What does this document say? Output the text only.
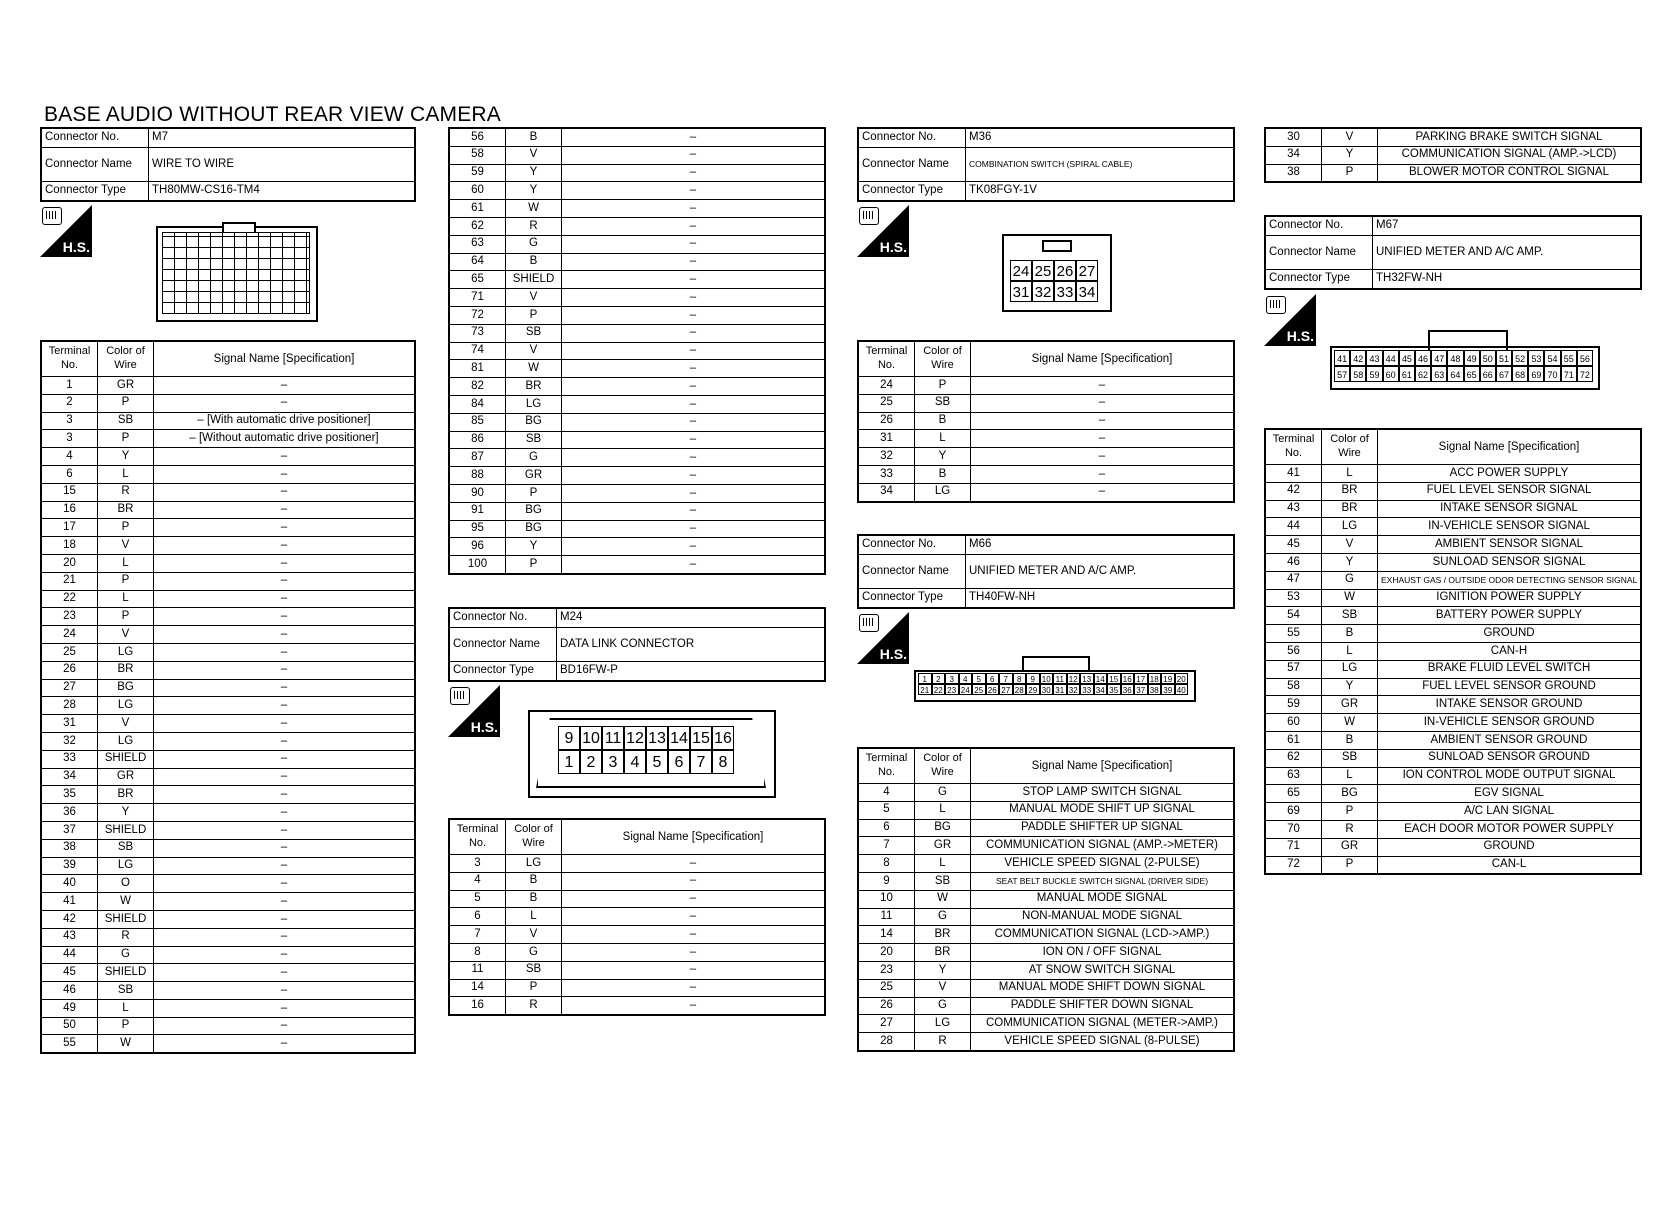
BASE AUDIO WITHOUT REAR VIEW CAMERA
Connector No.	M7
Connector Name	WIRE TO WIRE
Connector Type	TH80MW-CS16-TM4
H.S.
Terminal No.	Color of Wire	Signal Name [Specification]
1	GR	–
2	P	–
3	SB	– [With automatic drive positioner]
3	P	– [Without automatic drive positioner]
4	Y	–
6	L	–
15	R	–
16	BR	–
17	P	–
18	V	–
20	L	–
21	P	–
22	L	–
23	P	–
24	V	–
25	LG	–
26	BR	–
27	BG	–
28	LG	–
31	V	–
32	LG	–
33	SHIELD	–
34	GR	–
35	BR	–
36	Y	–
37	SHIELD	–
38	SB	–
39	LG	–
40	O	–
41	W	–
42	SHIELD	–
43	R	–
44	G	–
45	SHIELD	–
46	SB	–
49	L	–
50	P	–
55	W	–
56	B	–
58	V	–
59	Y	–
60	Y	–
61	W	–
62	R	–
63	G	–
64	B	–
65	SHIELD	–
71	V	–
72	P	–
73	SB	–
74	V	–
81	W	–
82	BR	–
84	LG	–
85	BG	–
86	SB	–
87	G	–
88	GR	–
90	P	–
91	BG	–
95	BG	–
96	Y	–
100	P	–
Connector No.	M24
Connector Name	DATA LINK CONNECTOR
Connector Type	BD16FW-P
H.S.
9 10 11 12 13 14 15 16
1 2 3 4 5 6 7 8
Terminal No.	Color of Wire	Signal Name [Specification]
3	LG	–
4	B	–
5	B	–
6	L	–
7	V	–
8	G	–
11	SB	–
14	P	–
16	R	–
Connector No.	M36
Connector Name	COMBINATION SWITCH (SPIRAL CABLE)
Connector Type	TK08FGY-1V
H.S.
24 25 26 27
31 32 33 34
Terminal No.	Color of Wire	Signal Name [Specification]
24	P	–
25	SB	–
26	B	–
31	L	–
32	Y	–
33	B	–
34	LG	–
Connector No.	M66
Connector Name	UNIFIED METER AND A/C AMP.
Connector Type	TH40FW-NH
H.S.
1	2	3	4	5	6	7	8	9 10 11 12 13 14 15 16 17 18 19 20
21 22 23 24 25 26 27 28 29 30 31 32 33 34 35 36 37 38 39 40
Terminal No.	Color of Wire	Signal Name [Specification]
4	G	STOP LAMP SWITCH SIGNAL
5	L	MANUAL MODE SHIFT UP SIGNAL
6	BG	PADDLE SHIFTER UP SIGNAL
7	GR	COMMUNICATION SIGNAL (AMP.->METER)
8	L	VEHICLE SPEED SIGNAL (2-PULSE)
9	SB	SEAT BELT BUCKLE SWITCH SIGNAL (DRIVER SIDE)
10	W	MANUAL MODE SIGNAL
11	G	NON-MANUAL MODE SIGNAL
14	BR	COMMUNICATION SIGNAL (LCD->AMP.)
20	BR	ION ON / OFF SIGNAL
23	Y	AT SNOW SWITCH SIGNAL
25	V	MANUAL MODE SHIFT DOWN SIGNAL
26	G	PADDLE SHIFTER DOWN SIGNAL
27	LG	COMMUNICATION SIGNAL (METER->AMP.)
28	R	VEHICLE SPEED SIGNAL (8-PULSE)
30	V	PARKING BRAKE SWITCH SIGNAL
34	Y	COMMUNICATION SIGNAL (AMP.->LCD)
38	P	BLOWER MOTOR CONTROL SIGNAL
Connector No.	M67
Connector Name	UNIFIED METER AND A/C AMP.
Connector Type	TH32FW-NH
H.S.
41 42 43 44 45 46 47 48 49 50 51 52 53 54 55 56
57 58 59 60 61 62 63 64 65 66 67 68 69 70 71 72
Terminal No.	Color of Wire	Signal Name [Specification]
41	L	ACC POWER SUPPLY
42	BR	FUEL LEVEL SENSOR SIGNAL
43	BR	INTAKE SENSOR SIGNAL
44	LG	IN-VEHICLE SENSOR SIGNAL
45	V	AMBIENT SENSOR SIGNAL
46	Y	SUNLOAD SENSOR SIGNAL
47	G	EXHAUST GAS / OUTSIDE ODOR DETECTING SENSOR SIGNAL
53	W	IGNITION POWER SUPPLY
54	SB	BATTERY POWER SUPPLY
55	B	GROUND
56	L	CAN-H
57	LG	BRAKE FLUID LEVEL SWITCH
58	Y	FUEL LEVEL SENSOR GROUND
59	GR	INTAKE SENSOR GROUND
60	W	IN-VEHICLE SENSOR GROUND
61	B	AMBIENT SENSOR GROUND
62	SB	SUNLOAD SENSOR GROUND
63	L	ION CONTROL MODE OUTPUT SIGNAL
65	BG	EGV SIGNAL
69	P	A/C LAN SIGNAL
70	R	EACH DOOR MOTOR POWER SUPPLY
71	GR	GROUND
72	P	CAN-L
